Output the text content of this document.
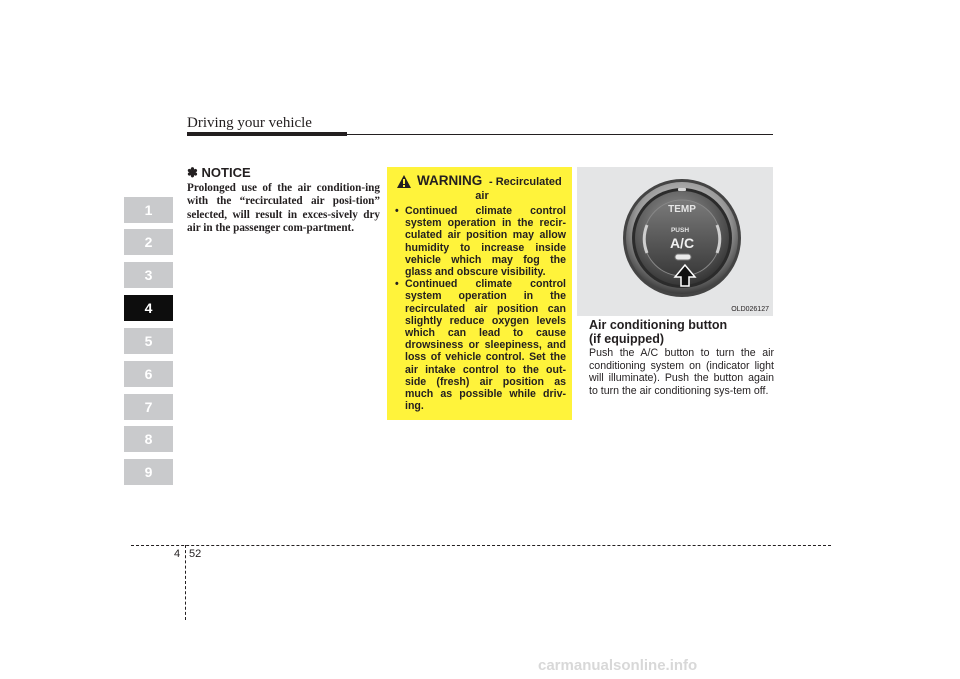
Driving your vehicle
1
2
3
4
5
6
7
8
9
✽ NOTICE
Prolonged use of the air condition-ing with the “recirculated air posi-tion” selected, will result in exces-sively dry air in the passenger com-partment.
WARNING - Recirculated
air
• Continued climate control system operation in the recir-culated air position may allow humidity to increase inside vehicle which may fog the glass and obscure visibility.
• Continued climate control system operation in the recirculated air position can slightly reduce oxygen levels which can lead to cause drowsiness or sleepiness, and loss of vehicle control. Set the air intake control to the out-side (fresh) air position as much as possible while driv-ing.
TEMP
PUSH
A/C
OLD026127
Air conditioning button
(if equipped)
Push the A/C button to turn the air conditioning system on (indicator light will illuminate). Push the button again to turn the air conditioning sys-tem off.
4 52
carmanualsonline.info
